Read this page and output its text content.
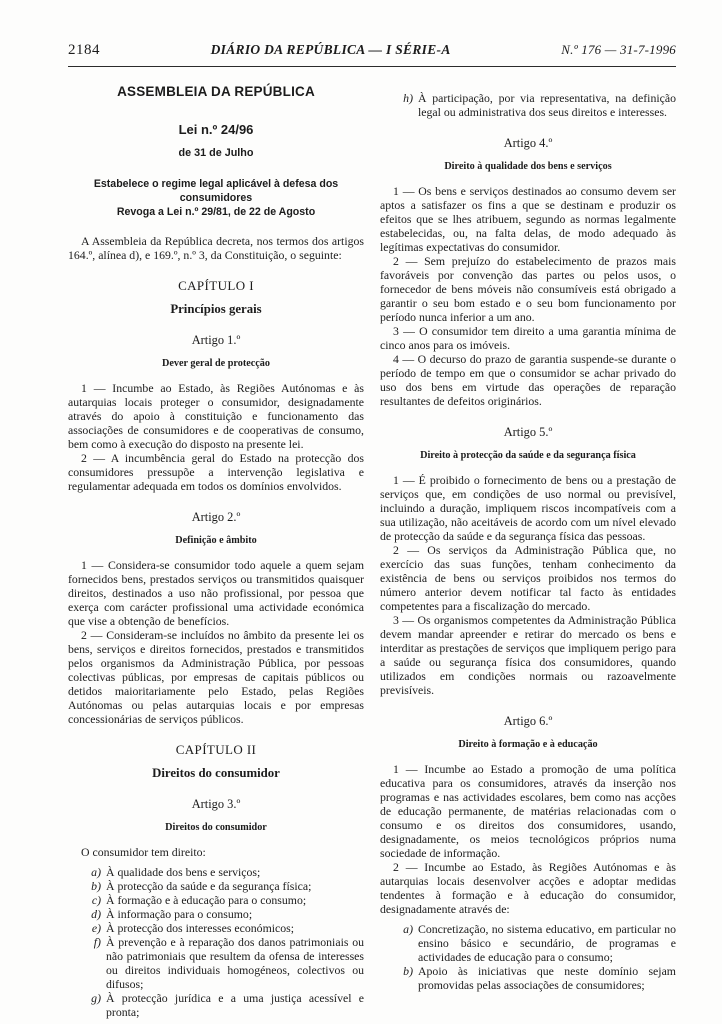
2184	DIÁRIO DA REPÚBLICA — I SÉRIE-A	N.º 176 — 31-7-1996
ASSEMBLEIA DA REPÚBLICA
Lei n.º 24/96
de 31 de Julho
Estabelece o regime legal aplicável à defesa dos consumidores
Revoga a Lei n.º 29/81, de 22 de Agosto
A Assembleia da República decreta, nos termos dos artigos 164.º, alínea d), e 169.º, n.º 3, da Constituição, o seguinte:
CAPÍTULO I
Princípios gerais
Artigo 1.º
Dever geral de protecção
1 — Incumbe ao Estado, às Regiões Autónomas e às autarquias locais proteger o consumidor, designadamente através do apoio à constituição e funcionamento das associações de consumidores e de cooperativas de consumo, bem como à execução do disposto na presente lei.
2 — A incumbência geral do Estado na protecção dos consumidores pressupõe a intervenção legislativa e regulamentar adequada em todos os domínios envolvidos.
Artigo 2.º
Definição e âmbito
1 — Considera-se consumidor todo aquele a quem sejam fornecidos bens, prestados serviços ou transmitidos quaisquer direitos, destinados a uso não profissional, por pessoa que exerça com carácter profissional uma actividade económica que vise a obtenção de benefícios.
2 — Consideram-se incluídos no âmbito da presente lei os bens, serviços e direitos fornecidos, prestados e transmitidos pelos organismos da Administração Pública, por pessoas colectivas públicas, por empresas de capitais públicos ou detidos maioritariamente pelo Estado, pelas Regiões Autónomas ou pelas autarquias locais e por empresas concessionárias de serviços públicos.
CAPÍTULO II
Direitos do consumidor
Artigo 3.º
Direitos do consumidor
O consumidor tem direito:
a) À qualidade dos bens e serviços;
b) À protecção da saúde e da segurança física;
c) À formação e à educação para o consumo;
d) À informação para o consumo;
e) À protecção dos interesses económicos;
f) À prevenção e à reparação dos danos patrimoniais ou não patrimoniais que resultem da ofensa de interesses ou direitos individuais homogéneos, colectivos ou difusos;
g) À protecção jurídica e a uma justiça acessível e pronta;
h) À participação, por via representativa, na definição legal ou administrativa dos seus direitos e interesses.
Artigo 4.º
Direito à qualidade dos bens e serviços
1 — Os bens e serviços destinados ao consumo devem ser aptos a satisfazer os fins a que se destinam e produzir os efeitos que se lhes atribuem, segundo as normas legalmente estabelecidas, ou, na falta delas, de modo adequado às legítimas expectativas do consumidor.
2 — Sem prejuízo do estabelecimento de prazos mais favoráveis por convenção das partes ou pelos usos, o fornecedor de bens móveis não consumíveis está obrigado a garantir o seu bom estado e o seu bom funcionamento por período nunca inferior a um ano.
3 — O consumidor tem direito a uma garantia mínima de cinco anos para os imóveis.
4 — O decurso do prazo de garantia suspende-se durante o período de tempo em que o consumidor se achar privado do uso dos bens em virtude das operações de reparação resultantes de defeitos originários.
Artigo 5.º
Direito à protecção da saúde e da segurança física
1 — É proibido o fornecimento de bens ou a prestação de serviços que, em condições de uso normal ou previsível, incluindo a duração, impliquem riscos incompatíveis com a sua utilização, não aceitáveis de acordo com um nível elevado de protecção da saúde e da segurança física das pessoas.
2 — Os serviços da Administração Pública que, no exercício das suas funções, tenham conhecimento da existência de bens ou serviços proibidos nos termos do número anterior devem notificar tal facto às entidades competentes para a fiscalização do mercado.
3 — Os organismos competentes da Administração Pública devem mandar apreender e retirar do mercado os bens e interditar as prestações de serviços que impliquem perigo para a saúde ou segurança física dos consumidores, quando utilizados em condições normais ou razoavelmente previsíveis.
Artigo 6.º
Direito à formação e à educação
1 — Incumbe ao Estado a promoção de uma política educativa para os consumidores, através da inserção nos programas e nas actividades escolares, bem como nas acções de educação permanente, de matérias relacionadas com o consumo e os direitos dos consumidores, usando, designadamente, os meios tecnológicos próprios numa sociedade de informação.
2 — Incumbe ao Estado, às Regiões Autónomas e às autarquias locais desenvolver acções e adoptar medidas tendentes à formação e à educação do consumidor, designadamente através de:
a) Concretização, no sistema educativo, em particular no ensino básico e secundário, de programas e actividades de educação para o consumo;
b) Apoio às iniciativas que neste domínio sejam promovidas pelas associações de consumidores;
